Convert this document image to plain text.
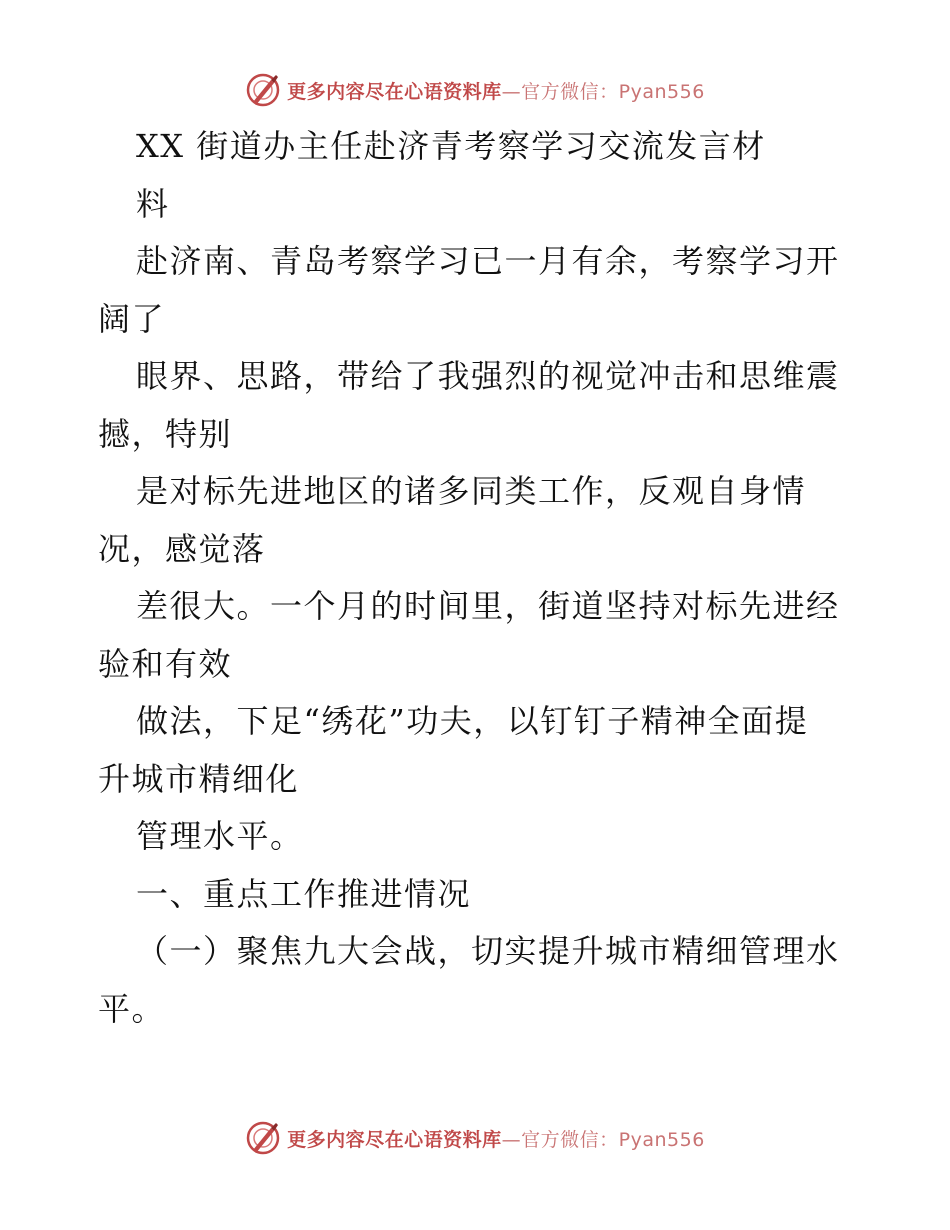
更多内容尽在心语资料库—官方微信：Pyan556
XX 街道办主任赴济青考察学习交流发言材
料
赴济南、青岛考察学习已一月有余，考察学习开
阔了
眼界、思路，带给了我强烈的视觉冲击和思维震
撼，特别
是对标先进地区的诸多同类工作，反观自身情
况，感觉落
差很大。一个月的时间里，街道坚持对标先进经
验和有效
做法，下足“绣花”功夫，以钉钉子精神全面提
升城市精细化
管理水平。
一、重点工作推进情况
（一）聚焦九大会战，切实提升城市精细管理水
平。
更多内容尽在心语资料库—官方微信：Pyan556
